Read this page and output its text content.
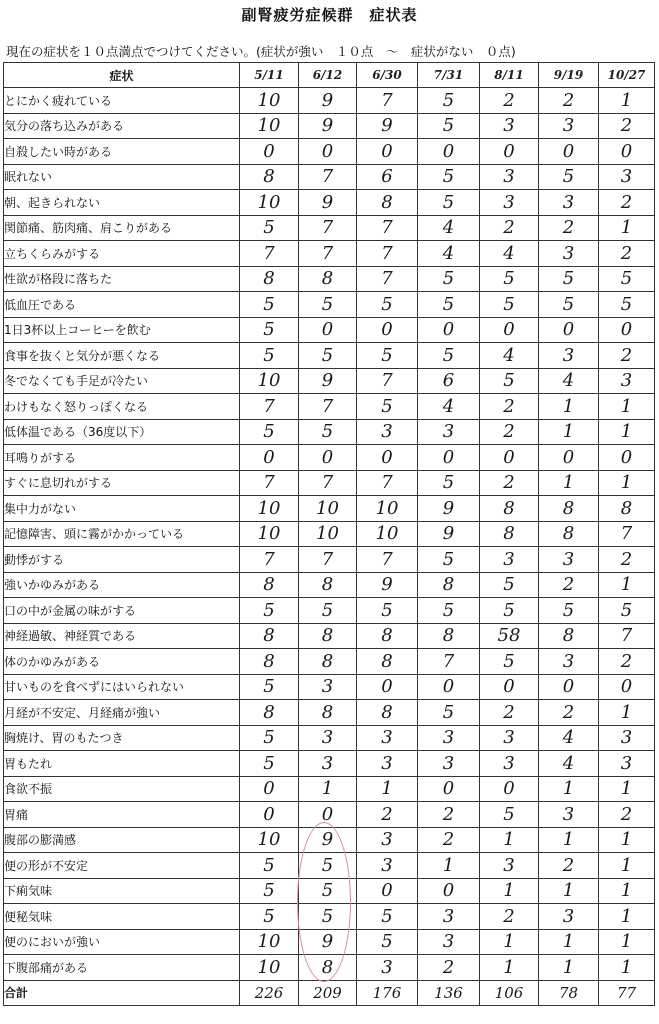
副腎疲労症候群　症状表
現在の症状を１０点満点でつけてください。(症状が強い　１０点　～　症状がない　０点)
症状	5/11	6/12	6/30	7/31	8/11	9/19	10/27
とにかく疲れている	10	9	7	5	2	2	1
気分の落ち込みがある	10	9	9	5	3	3	2
自殺したい時がある	0	0	0	0	0	0	0
眠れない	8	7	6	5	3	5	3
朝、起きられない	10	9	8	5	3	3	2
関節痛、筋肉痛、肩こりがある	5	7	7	4	2	2	1
立ちくらみがする	7	7	7	4	4	3	2
性欲が格段に落ちた	8	8	7	5	5	5	5
低血圧である	5	5	5	5	5	5	5
1日3杯以上コーヒーを飲む	5	0	0	0	0	0	0
食事を抜くと気分が悪くなる	5	5	5	5	4	3	2
冬でなくても手足が冷たい	10	9	7	6	5	4	3
わけもなく怒りっぽくなる	7	7	5	4	2	1	1
低体温である（36度以下）	5	5	3	3	2	1	1
耳鳴りがする	0	0	0	0	0	0	0
すぐに息切れがする	7	7	7	5	2	1	1
集中力がない	10	10	10	9	8	8	8
記憶障害、頭に霧がかかっている	10	10	10	9	8	8	7
動悸がする	7	7	7	5	3	3	2
強いかゆみがある	8	8	9	8	5	2	1
口の中が金属の味がする	5	5	5	5	5	5	5
神経過敏、神経質である	8	8	8	8	58	8	7
体のかゆみがある	8	8	8	7	5	3	2
甘いものを食べずにはいられない	5	3	0	0	0	0	0
月経が不安定、月経痛が強い	8	8	8	5	2	2	1
胸焼け、胃のもたつき	5	3	3	3	3	4	3
胃もたれ	5	3	3	3	3	4	3
食欲不振	0	1	1	0	0	1	1
胃痛	0	0	2	2	5	3	2
腹部の膨満感	10	9	3	2	1	1	1
便の形が不安定	5	5	3	1	3	2	1
下痢気味	5	5	0	0	1	1	1
便秘気味	5	5	5	3	2	3	1
便のにおいが強い	10	9	5	3	1	1	1
下腹部痛がある	10	8	3	2	1	1	1
合計	226	209	176	136	106	78	77
